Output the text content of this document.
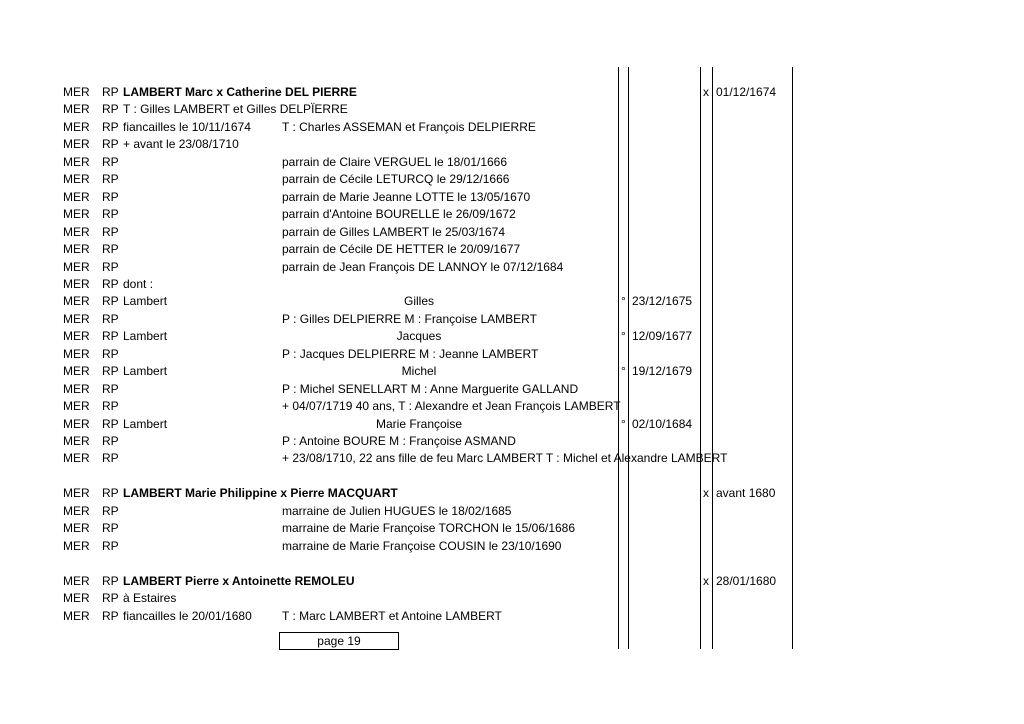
MER RP LAMBERT Marc x Catherine DEL PIERRE	x 01/12/1674
MER RP T : Gilles LAMBERT et Gilles DELPÏERRE
MER RP fiancailles le 10/11/1674	T : Charles ASSEMAN et François DELPIERRE
MER RP + avant le 23/08/1710
MER RP	parrain de Claire VERGUEL le 18/01/1666
MER RP	parrain de Cécile LETURCQ le 29/12/1666
MER RP	parrain de Marie Jeanne LOTTE le 13/05/1670
MER RP	parrain d'Antoine BOURELLE le 26/09/1672
MER RP	parrain de Gilles LAMBERT le 25/03/1674
MER RP	parrain de Cécile DE HETTER le 20/09/1677
MER RP	parrain de Jean François DE LANNOY le 07/12/1684
MER RP dont :
MER RP Lambert	Gilles	° 23/12/1675
MER RP	P : Gilles DELPIERRE M : Françoise LAMBERT
MER RP Lambert	Jacques	° 12/09/1677
MER RP	P : Jacques DELPIERRE M : Jeanne LAMBERT
MER RP Lambert	Michel	° 19/12/1679
MER RP	P : Michel SENELLART M : Anne Marguerite GALLAND
MER RP	+ 04/07/1719 40 ans, T : Alexandre et Jean François LAMBERT
MER RP Lambert	Marie Françoise	° 02/10/1684
MER RP	P : Antoine BOURE M : Françoise ASMAND
MER RP	+ 23/08/1710, 22 ans fille de feu Marc LAMBERT T : Michel et Alexandre LAMBERT
MER RP LAMBERT Marie Philippine x Pierre MACQUART	x avant 1680
MER RP	marraine de Julien HUGUES le 18/02/1685
MER RP	marraine de Marie Françoise TORCHON le 15/06/1686
MER RP	marraine de Marie Françoise COUSIN le 23/10/1690
MER RP LAMBERT Pierre x Antoinette REMOLEU	x 28/01/1680
MER RP à Estaires
MER RP fiancailles le 20/01/1680	T : Marc LAMBERT et Antoine LAMBERT
page 19
